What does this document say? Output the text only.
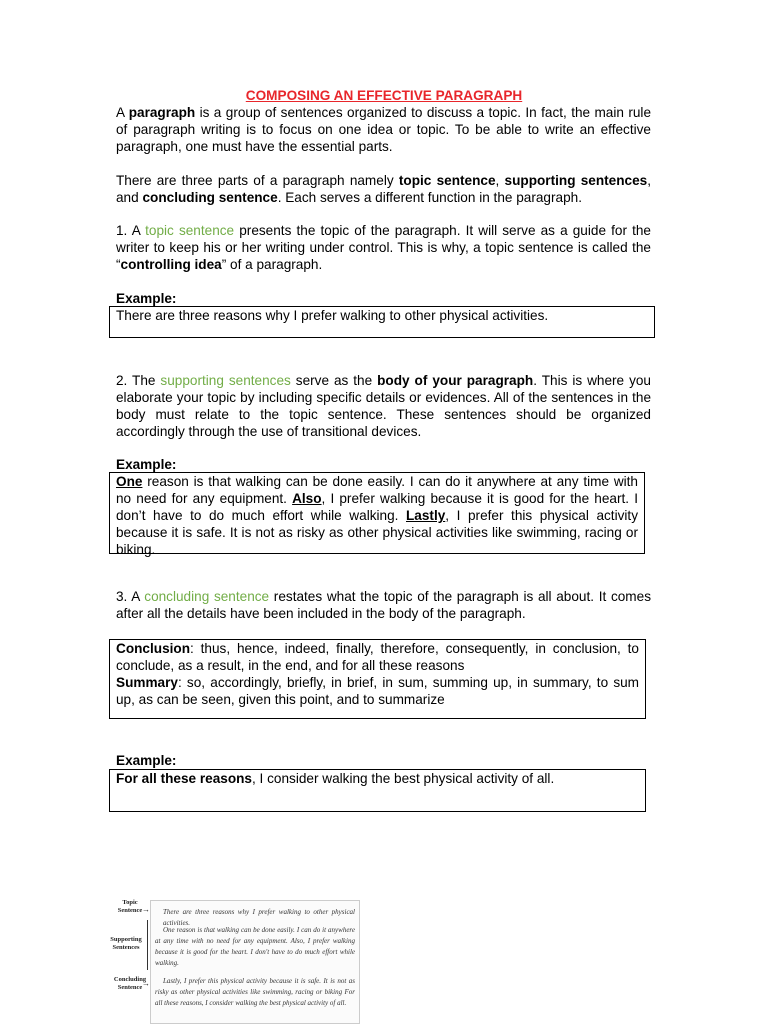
COMPOSING AN EFFECTIVE PARAGRAPH
A paragraph is a group of sentences organized to discuss a topic. In fact, the main rule of paragraph writing is to focus on one idea or topic. To be able to write an effective paragraph, one must have the essential parts.
There are three parts of a paragraph namely topic sentence, supporting sentences, and concluding sentence. Each serves a different function in the paragraph.
1. A topic sentence presents the topic of the paragraph. It will serve as a guide for the writer to keep his or her writing under control. This is why, a topic sentence is called the “controlling idea” of a paragraph.
Example:
There are three reasons why I prefer walking to other physical activities.
2. The supporting sentences serve as the body of your paragraph. This is where you elaborate your topic by including specific details or evidences. All of the sentences in the body must relate to the topic sentence. These sentences should be organized accordingly through the use of transitional devices.
Example:
One reason is that walking can be done easily. I can do it anywhere at any time with no need for any equipment. Also, I prefer walking because it is good for the heart. I don’t have to do much effort while walking. Lastly, I prefer this physical activity because it is safe. It is not as risky as other physical activities like swimming, racing or biking.
3. A concluding sentence restates what the topic of the paragraph is all about. It comes after all the details have been included in the body of the paragraph.
Conclusion: thus, hence, indeed, finally, therefore, consequently, in conclusion, to conclude, as a result, in the end, and for all these reasons
Summary: so, accordingly, briefly, in brief, in sum, summing up, in summary, to sum up, as can be seen, given this point, and to summarize
Example:
For all these reasons, I consider walking the best physical activity of all.
Topic Sentence →
Supporting Sentences
Concluding Sentence →
There are three reasons why I prefer walking to other physical activities.
One reason is that walking can be done easily. I can do it anywhere at any time with no need for any equipment. Also, I prefer walking because it is good for the heart. I don't have to do much effort while walking.
Lastly, I prefer this physical activity because it is safe. It is not as risky as other physical activities like swimming, racing or biking For all these reasons, I consider walking the best physical activity of all.
